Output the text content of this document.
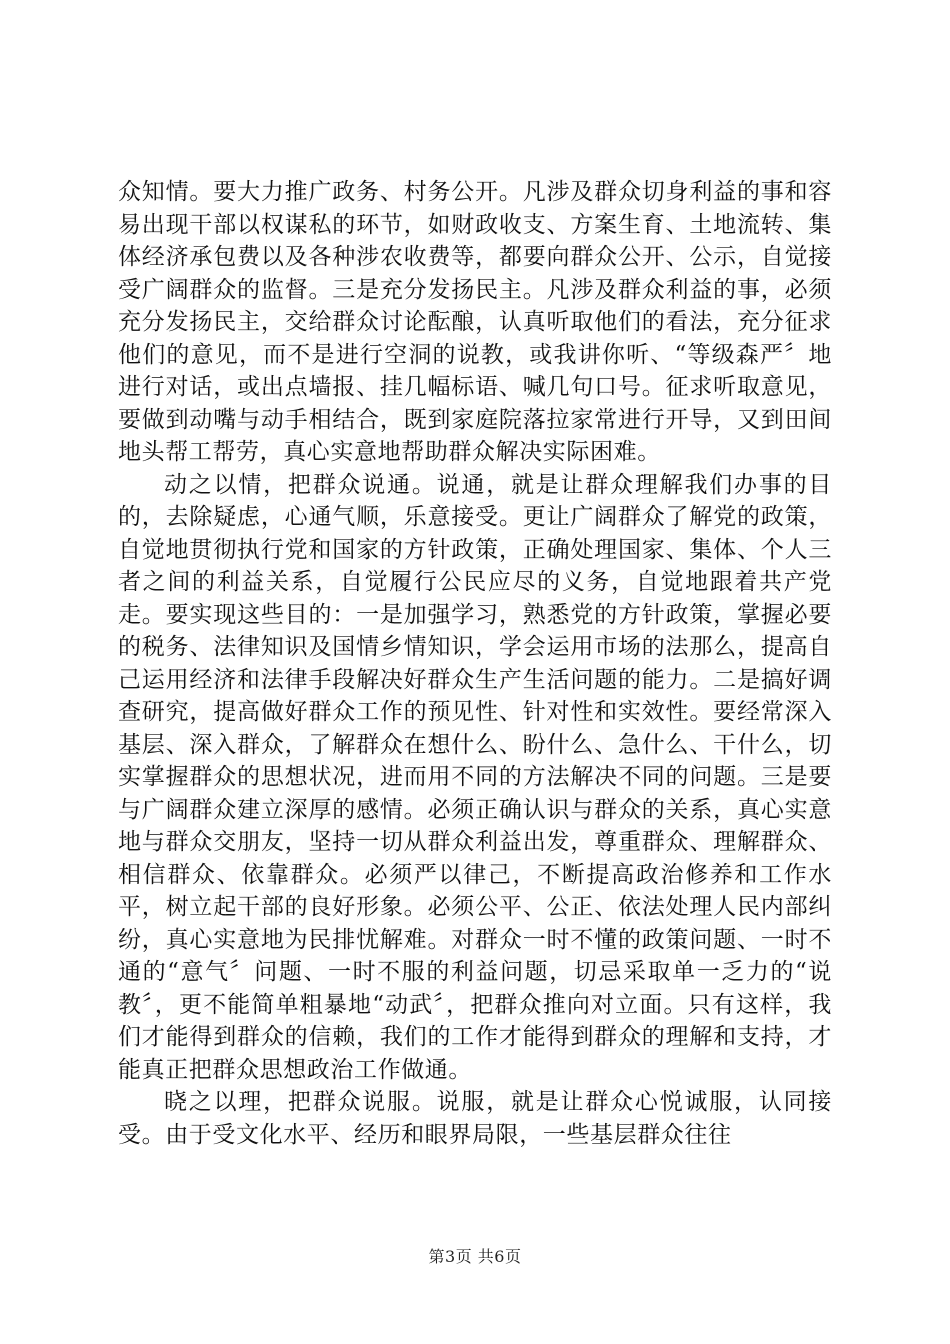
众知情。要大力推广政务、村务公开。凡涉及群众切身利益的事和容易出现干部以权谋私的环节，如财政收支、方案生育、土地流转、集体经济承包费以及各种涉农收费等，都要向群众公开、公示，自觉接受广阔群众的监督。三是充分发扬民主。凡涉及群众利益的事，必须充分发扬民主，交给群众讨论酝酿，认真听取他们的看法，充分征求他们的意见，而不是进行空洞的说教，或我讲你听、“等级森严〞地进行对话，或出点墙报、挂几幅标语、喊几句口号。征求听取意见，要做到动嘴与动手相结合，既到家庭院落拉家常进行开导，又到田间地头帮工帮劳，真心实意地帮助群众解决实际困难。

动之以情，把群众说通。说通，就是让群众理解我们办事的目的，去除疑虑，心通气顺，乐意接受。更让广阔群众了解党的政策，自觉地贯彻执行党和国家的方针政策，正确处理国家、集体、个人三者之间的利益关系，自觉履行公民应尽的义务，自觉地跟着共产党走。要实现这些目的：一是加强学习，熟悉党的方针政策，掌握必要的税务、法律知识及国情乡情知识，学会运用市场的法那么，提高自己运用经济和法律手段解决好群众生产生活问题的能力。二是搞好调查研究，提高做好群众工作的预见性、针对性和实效性。要经常深入基层、深入群众，了解群众在想什么、盼什么、急什么、干什么，切实掌握群众的思想状况，进而用不同的方法解决不同的问题。三是要与广阔群众建立深厚的感情。必须正确认识与群众的关系，真心实意地与群众交朋友，坚持一切从群众利益出发，尊重群众、理解群众、相信群众、依靠群众。必须严以律己，不断提高政治修养和工作水平，树立起干部的良好形象。必须公平、公正、依法处理人民内部纠纷，真心实意地为民排忧解难。对群众一时不懂的政策问题、一时不通的“意气〞问题、一时不服的利益问题，切忌采取单一乏力的“说教〞，更不能简单粗暴地“动武〞，把群众推向对立面。只有这样，我们才能得到群众的信赖，我们的工作才能得到群众的理解和支持，才能真正把群众思想政治工作做通。

晓之以理，把群众说服。说服，就是让群众心悦诚服，认同接受。由于受文化水平、经历和眼界局限，一些基层群众往往

第3页 共6页
